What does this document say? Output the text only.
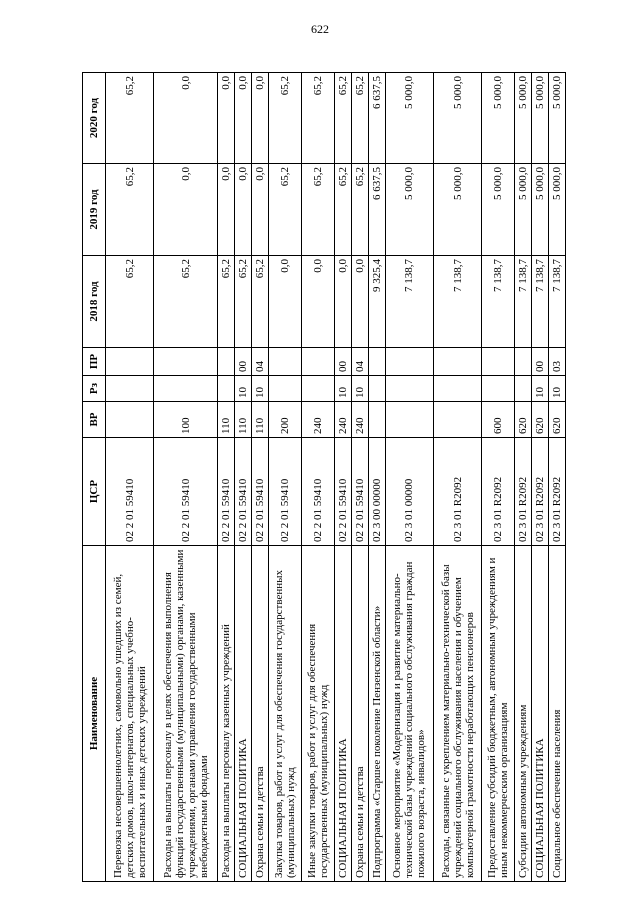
622
Наименование	ЦСР	ВР	Рз	ПР	2018 год	2019 год	2020 год
Перевозка несовершеннолетних, самовольно ушедших из семей, детских домов, школ-интернатов, специальных учебно-воспитательных и иных детских учреждений	02 2 01 59410				65,2	65,2	65,2
Расходы на выплаты персоналу в целях обеспечения выполнения функций государственными (муниципальными) органами, казенными учреждениями, органами управления государственными внебюджетными фондами	02 2 01 59410	100			65,2	0,0	0,0
Расходы на выплаты персоналу казенных учреждений	02 2 01 59410	110			65,2	0,0	0,0
СОЦИАЛЬНАЯ ПОЛИТИКА	02 2 01 59410	110	10	00	65,2	0,0	0,0
Охрана семьи и детства	02 2 01 59410	110	10	04	65,2	0,0	0,0
Закупка товаров, работ и услуг для обеспечения государственных (муниципальных) нужд	02 2 01 59410	200			0,0	65,2	65,2
Иные закупки товаров, работ и услуг для обеспечения государственных (муниципальных) нужд	02 2 01 59410	240			0,0	65,2	65,2
СОЦИАЛЬНАЯ ПОЛИТИКА	02 2 01 59410	240	10	00	0,0	65,2	65,2
Охрана семьи и детства	02 2 01 59410	240	10	04	0,0	65,2	65,2
Подпрограмма «Старшее поколение Пензенской области»	02 3 00 00000				9 325,4	6 637,5	6 637,5
Основное мероприятие «Модернизация и развитие материально-технической базы учреждений социального обслуживания граждан пожилого возраста, инвалидов»	02 3 01 00000				7 138,7	5 000,0	5 000,0
Расходы, связанные с укреплением материально-технической базы учреждений социального обслуживания населения и обучением компьютерной грамотности неработающих пенсионеров	02 3 01 R2092				7 138,7	5 000,0	5 000,0
Предоставление субсидий бюджетным, автономным учреждениям и иным некоммерческим организациям	02 3 01 R2092	600			7 138,7	5 000,0	5 000,0
Субсидии автономным учреждениям	02 3 01 R2092	620			7 138,7	5 000,0	5 000,0
СОЦИАЛЬНАЯ ПОЛИТИКА	02 3 01 R2092	620	10	00	7 138,7	5 000,0	5 000,0
Социальное обеспечение населения	02 3 01 R2092	620	10	03	7 138,7	5 000,0	5 000,0
